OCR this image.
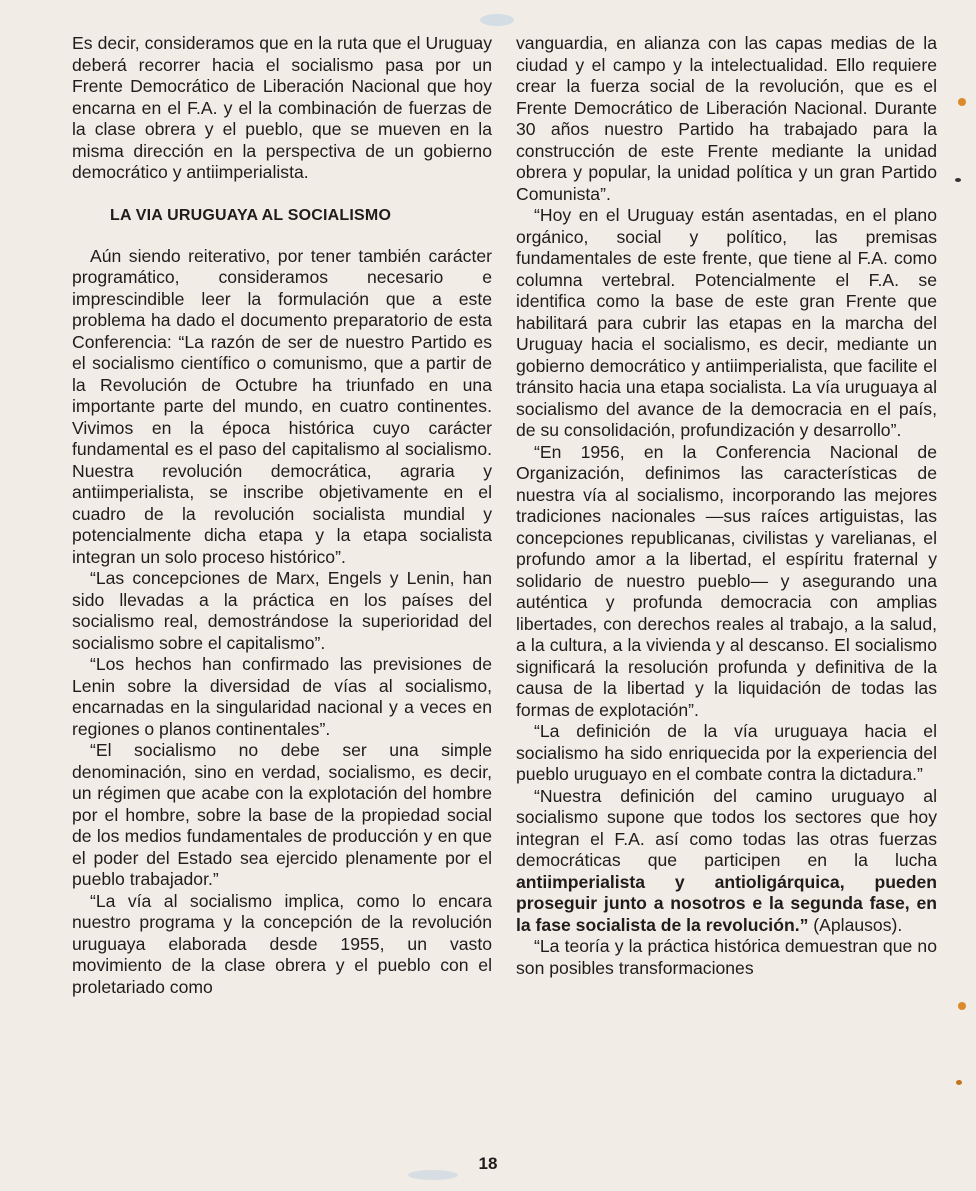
Es decir, consideramos que en la ruta que el Uruguay deberá recorrer hacia el socialismo pasa por un Frente Democrático de Liberación Nacional que hoy encarna en el F.A. y el la combinación de fuerzas de la clase obrera y el pueblo, que se mueven en la misma dirección en la perspectiva de un gobierno democrático y antiimperialista.

LA VIA URUGUAYA AL SOCIALISMO

Aún siendo reiterativo, por tener también carácter programático, consideramos necesario e imprescindible leer la formulación que a este problema ha dado el documento preparatorio de esta Conferencia: “La razón de ser de nuestro Partido es el socialismo científico o comunismo, que a partir de la Revolución de Octubre ha triunfado en una importante parte del mundo, en cuatro continentes. Vivimos en la época histórica cuyo carácter fundamental es el paso del capitalismo al socialismo. Nuestra revolución democrática, agraria y antiimperialista, se inscribe objetivamente en el cuadro de la revolución socialista mundial y potencialmente dicha etapa y la etapa socialista integran un solo proceso histórico”.

“Las concepciones de Marx, Engels y Lenin, han sido llevadas a la práctica en los países del socialismo real, demostrándose la superioridad del socialismo sobre el capitalismo”.

“Los hechos han confirmado las previsiones de Lenin sobre la diversidad de vías al socialismo, encarnadas en la singularidad nacional y a veces en regiones o planos continentales”.

“El socialismo no debe ser una simple denominación, sino en verdad, socialismo, es decir, un régimen que acabe con la explotación del hombre por el hombre, sobre la base de la propiedad social de los medios fundamentales de producción y en que el poder del Estado sea ejercido plenamente por el pueblo trabajador.”

“La vía al socialismo implica, como lo encara nuestro programa y la concepción de la revolución uruguaya elaborada desde 1955, un vasto movimiento de la clase obrera y el pueblo con el proletariado como

vanguardia, en alianza con las capas medias de la ciudad y el campo y la intelectualidad. Ello requiere crear la fuerza social de la revolución, que es el Frente Democrático de Liberación Nacional. Durante 30 años nuestro Partido ha trabajado para la construcción de este Frente mediante la unidad obrera y popular, la unidad política y un gran Partido Comunista”.

“Hoy en el Uruguay están asentadas, en el plano orgánico, social y político, las premisas fundamentales de este frente, que tiene al F.A. como columna vertebral. Potencialmente el F.A. se identifica como la base de este gran Frente que habilitará para cubrir las etapas en la marcha del Uruguay hacia el socialismo, es decir, mediante un gobierno democrático y antiimperialista, que facilite el tránsito hacia una etapa socialista. La vía uruguaya al socialismo del avance de la democracia en el país, de su consolidación, profundización y desarrollo”.

“En 1956, en la Conferencia Nacional de Organización, definimos las características de nuestra vía al socialismo, incorporando las mejores tradiciones nacionales —sus raíces artiguistas, las concepciones republicanas, civilistas y varelianas, el profundo amor a la libertad, el espíritu fraternal y solidario de nuestro pueblo— y asegurando una auténtica y profunda democracia con amplias libertades, con derechos reales al trabajo, a la salud, a la cultura, a la vivienda y al descanso. El socialismo significará la resolución profunda y definitiva de la causa de la libertad y la liquidación de todas las formas de explotación”.

“La definición de la vía uruguaya hacia el socialismo ha sido enriquecida por la experiencia del pueblo uruguayo en el combate contra la dictadura.”

“Nuestra definición del camino uruguayo al socialismo supone que todos los sectores que hoy integran el F.A. así como todas las otras fuerzas democráticas que participen en la lucha antiimperialista y antioligárquica, pueden proseguir junto a nosotros e la segunda fase, en la fase socialista de la revolución.” (Aplausos).

“La teoría y la práctica histórica demuestran que no son posibles transformaciones

18
